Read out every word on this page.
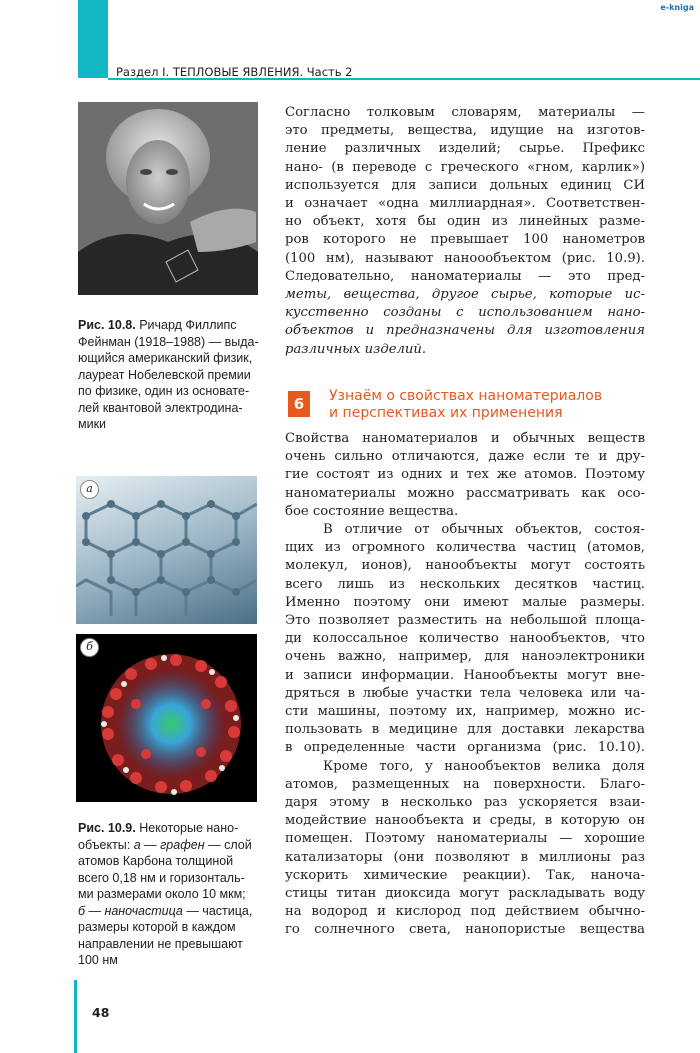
e-kniga
Раздел I. ТЕПЛОВЫЕ ЯВЛЕНИЯ. Часть 2
Рис. 10.8. Ричард Филлипс
Фейнман (1918–1988) — выда-
ющийся американский физик,
лауреат Нобелевской премии
по физике, один из основате-
лей квантовой электродина-
мики
а
б
Рис. 10.9. Некоторые нано-
объекты: а — графен — слой
атомов Карбона толщиной
всего 0,18 нм и горизонталь-
ми размерами около 10 мкм;
б — наночастица — частица,
размеры которой в каждом
направлении не превышают
100 нм
Согласно толковым словарям, материалы —
это предметы, вещества, идущие на изготов-
ление различных изделий; сырье. Префикс
нано- (в переводе с греческого «гном, карлик»)
используется для записи дольных единиц СИ
и означает «одна миллиардная». Соответствен-
но объект, хотя бы один из линейных разме-
ров которого не превышает 100 нанометров
(100 нм), называют наноообъектом (рис. 10.9).
Следовательно, наноматериалы — это пред-
меты, вещества, другое сырье, которые ис-
кусственно созданы с использованием нано-
объектов и предназначены для изготовления
различных изделий.
6	Узнаём о свойствах наноматериалов
и перспективах их применения
Свойства наноматериалов и обычных веществ
очень сильно отличаются, даже если те и дру-
гие состоят из одних и тех же атомов. Поэтому
наноматериалы можно рассматривать как осо-
бое состояние вещества.
В отличие от обычных объектов, состоя-
щих из огромного количества частиц (атомов,
молекул, ионов), нанообъекты могут состоять
всего лишь из нескольких десятков частиц.
Именно поэтому они имеют малые размеры.
Это позволяет разместить на небольшой площа-
ди колоссальное количество нанообъектов, что
очень важно, например, для наноэлектроники
и записи информации. Нанообъекты могут вне-
дряться в любые участки тела человека или ча-
сти машины, поэтому их, например, можно ис-
пользовать в медицине для доставки лекарства
в определенные части организма (рис. 10.10).
Кроме того, у нанообъектов велика доля
атомов, размещенных на поверхности. Благо-
даря этому в несколько раз ускоряется взаи-
модействие нанообъекта и среды, в которую он
помещен. Поэтому наноматериалы — хорошие
катализаторы (они позволяют в миллионы раз
ускорить химические реакции). Так, наноча-
стицы титан диоксида могут раскладывать воду
на водород и кислород под действием обычно-
го солнечного света, нанопористые вещества
48
